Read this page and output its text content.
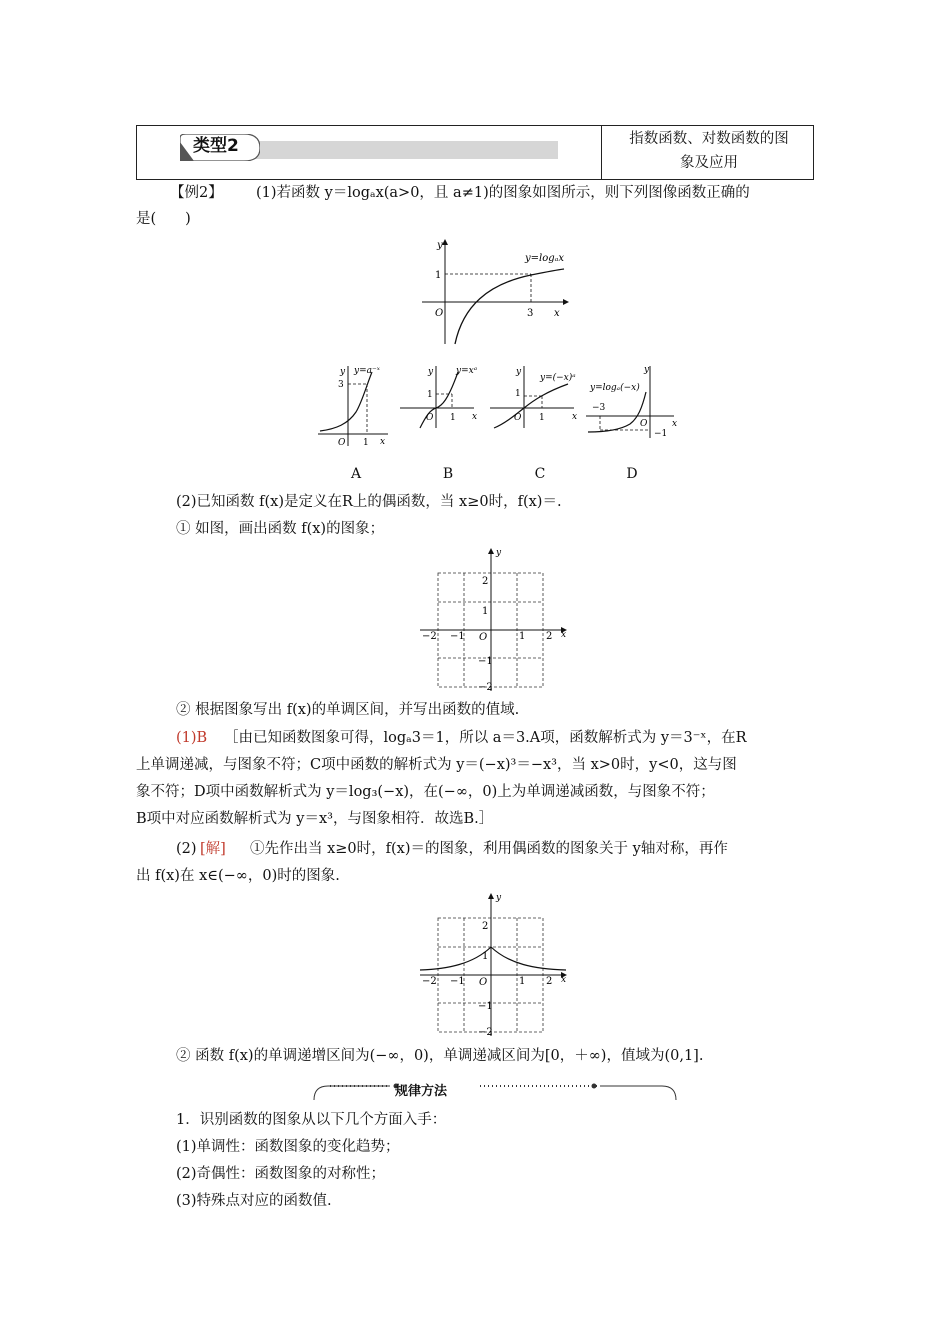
类型2	指数函数、对数函数的图
象及应用
【例2】 (1)若函数 y＝logₐx(a>0，且 a≠1)的图象如图所示，则下列图像函数正确的
是(　　)
y=logₐx
y
x
O
1
3
y y=a⁻ˣ
3
1
O	x
A
y	y=xᵃ
1
1
O	x
B
y
y=(−x)ᵃ
1
1
O	x
C
y
y=logₐ(−x)
−3
−1
O	x
D
(2)已知函数 f(x)是定义在R上的偶函数，当 x≥0时，f(x)＝.
① 如图，画出函数 f(x)的图象；
y
x
O
2
1
−1
−2
−2 −1	1 2
② 根据图象写出 f(x)的单调区间，并写出函数的值域.
(1)B ［由已知函数图象可得，logₐ3＝1，所以 a＝3.A项，函数解析式为 y＝3⁻ˣ，在R
上单调递减，与图象不符；C项中函数的解析式为 y＝(−x)³＝−x³，当 x>0时，y<0，这与图
象不符；D项中函数解析式为 y＝log₃(−x)，在(−∞，0)上为单调递减函数，与图象不符；
B项中对应函数解析式为 y＝x³，与图象相符．故选B.］
(2) [解] ①先作出当 x≥0时，f(x)＝的图象，利用偶函数的图象关于 y轴对称，再作
出 f(x)在 x∈(−∞，0)时的图象.
y
x
O
2
1
−1
−2
−2 −1	1 2
② 函数 f(x)的单调递增区间为(−∞，0)，单调递减区间为[0，＋∞)，值域为(0,1].
规律方法
1．识别函数的图象从以下几个方面入手：
(1)单调性：函数图象的变化趋势；
(2)奇偶性：函数图象的对称性；
(3)特殊点对应的函数值.
